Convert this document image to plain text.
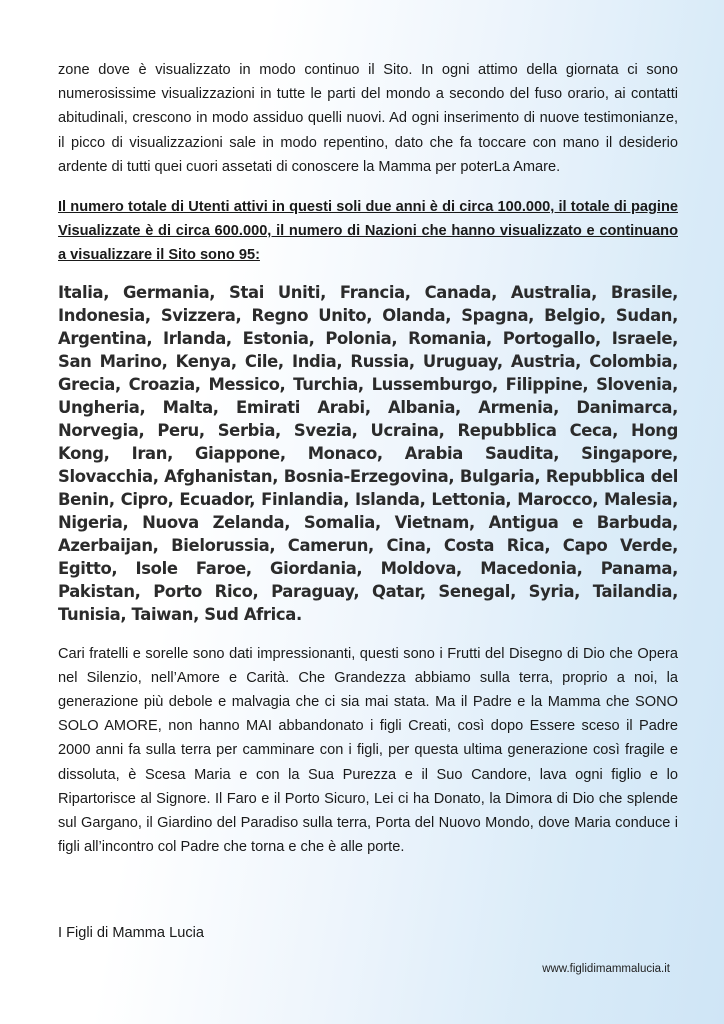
zone dove è visualizzato in modo continuo il Sito. In ogni attimo della giornata ci sono numerosissime visualizzazioni in tutte le parti del mondo a secondo del fuso orario, ai contatti abitudinali, crescono in modo assiduo quelli nuovi. Ad ogni inserimento di nuove testimonianze, il picco di visualizzazioni sale in modo repentino, dato che fa toccare con mano il desiderio ardente di tutti quei cuori assetati di conoscere la Mamma per poterLa Amare.

Il numero totale di Utenti attivi in questi soli due anni è di circa 100.000, il totale di pagine Visualizzate è di circa 600.000, il numero di Nazioni che hanno visualizzato e continuano a visualizzare il Sito sono 95:

Italia, Germania, Stai Uniti, Francia, Canada, Australia, Brasile, Indonesia, Svizzera, Regno Unito, Olanda, Spagna, Belgio, Sudan, Argentina, Irlanda, Estonia, Polonia, Romania, Portogallo, Israele, San Marino, Kenya, Cile, India, Russia, Uruguay, Austria, Colombia, Grecia, Croazia, Messico, Turchia, Lussemburgo, Filippine, Slovenia, Ungheria, Malta, Emirati Arabi, Albania, Armenia, Danimarca, Norvegia, Peru, Serbia, Svezia, Ucraina, Repubblica Ceca, Hong Kong, Iran, Giappone, Monaco, Arabia Saudita, Singapore, Slovacchia, Afghanistan, Bosnia-Erzegovina, Bulgaria, Repubblica del Benin, Cipro, Ecuador, Finlandia, Islanda, Lettonia, Marocco, Malesia, Nigeria, Nuova Zelanda, Somalia, Vietnam, Antigua e Barbuda, Azerbaijan, Bielorussia, Camerun, Cina, Costa Rica, Capo Verde, Egitto, Isole Faroe, Giordania, Moldova, Macedonia, Panama, Pakistan, Porto Rico, Paraguay, Qatar, Senegal, Syria, Tailandia, Tunisia, Taiwan, Sud Africa.

Cari fratelli e sorelle sono dati impressionanti, questi sono i Frutti del Disegno di Dio che Opera nel Silenzio, nell’Amore e Carità. Che Grandezza abbiamo sulla terra, proprio a noi, la generazione più debole e malvagia che ci sia mai stata. Ma il Padre e la Mamma che SONO SOLO AMORE, non hanno MAI abbandonato i figli Creati, così dopo Essere sceso il Padre 2000 anni fa sulla terra per camminare con i figli, per questa ultima generazione così fragile e dissoluta, è Scesa Maria e con la Sua Purezza e il Suo Candore, lava ogni figlio e lo Ripartorisce al Signore. Il Faro e il Porto Sicuro, Lei ci ha Donato, la Dimora di Dio che splende sul Gargano, il Giardino del Paradiso sulla terra, Porta del Nuovo Mondo, dove Maria conduce i figli all’incontro col Padre che torna e che è alle porte.

I Figli di Mamma Lucia

www.figlidimammalucia.it
